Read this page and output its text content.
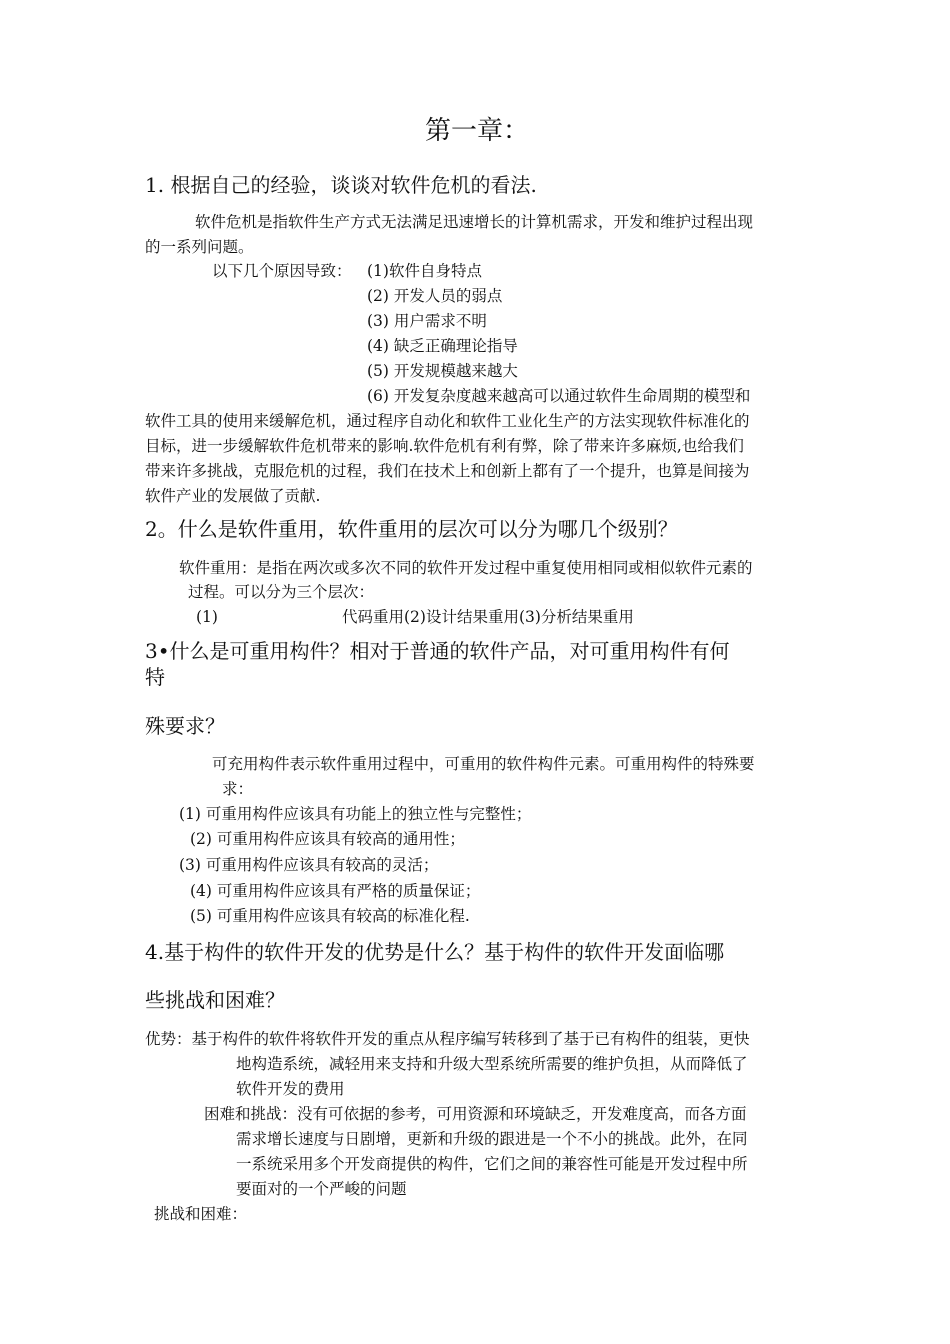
第一章：
1. 根据自己的经验，谈谈对软件危机的看法.
软件危机是指软件生产方式无法满足迅速增长的计算机需求，开发和维护过程出现
的一系列问题。
以下几个原因导致： (1)软件自身特点
(2) 开发人员的弱点
(3) 用户需求不明
(4) 缺乏正确理论指导
(5) 开发规模越来越大
(6) 开发复杂度越来越高可以通过软件生命周期的模型和
软件工具的使用来缓解危机，通过程序自动化和软件工业化生产的方法实现软件标准化的
目标，进一步缓解软件危机带来的影响.软件危机有利有弊，除了带来许多麻烦,也给我们
带来许多挑战，克服危机的过程，我们在技术上和创新上都有了一个提升，也算是间接为
软件产业的发展做了贡献.
2。什么是软件重用，软件重用的层次可以分为哪几个级别？
软件重用：是指在两次或多次不同的软件开发过程中重复使用相同或相似软件元素的
过程。可以分为三个层次：
(1)	代码重用(2)设计结果重用(3)分析结果重用
3•什么是可重用构件？相对于普通的软件产品，对可重用构件有何
特
殊要求？
可充用构件表示软件重用过程中，可重用的软件构件元素。可重用构件的特殊要
求：
(1) 可重用构件应该具有功能上的独立性与完整性；
(2) 可重用构件应该具有较高的通用性；
(3) 可重用构件应该具有较高的灵活；
(4) 可重用构件应该具有严格的质量保证；
(5) 可重用构件应该具有较高的标准化程.
4.基于构件的软件开发的优势是什么？基于构件的软件开发面临哪
些挑战和困难？
优势：基于构件的软件将软件开发的重点从程序编写转移到了基于已有构件的组装，更快
地构造系统，减轻用来支持和升级大型系统所需要的维护负担，从而降低了
软件开发的费用
困难和挑战：没有可依据的参考，可用资源和环境缺乏，开发难度高，而各方面
需求增长速度与日剧增，更新和升级的跟进是一个不小的挑战。此外，在同
一系统采用多个开发商提供的构件，它们之间的兼容性可能是开发过程中所
要面对的一个严峻的问题
挑战和困难：
